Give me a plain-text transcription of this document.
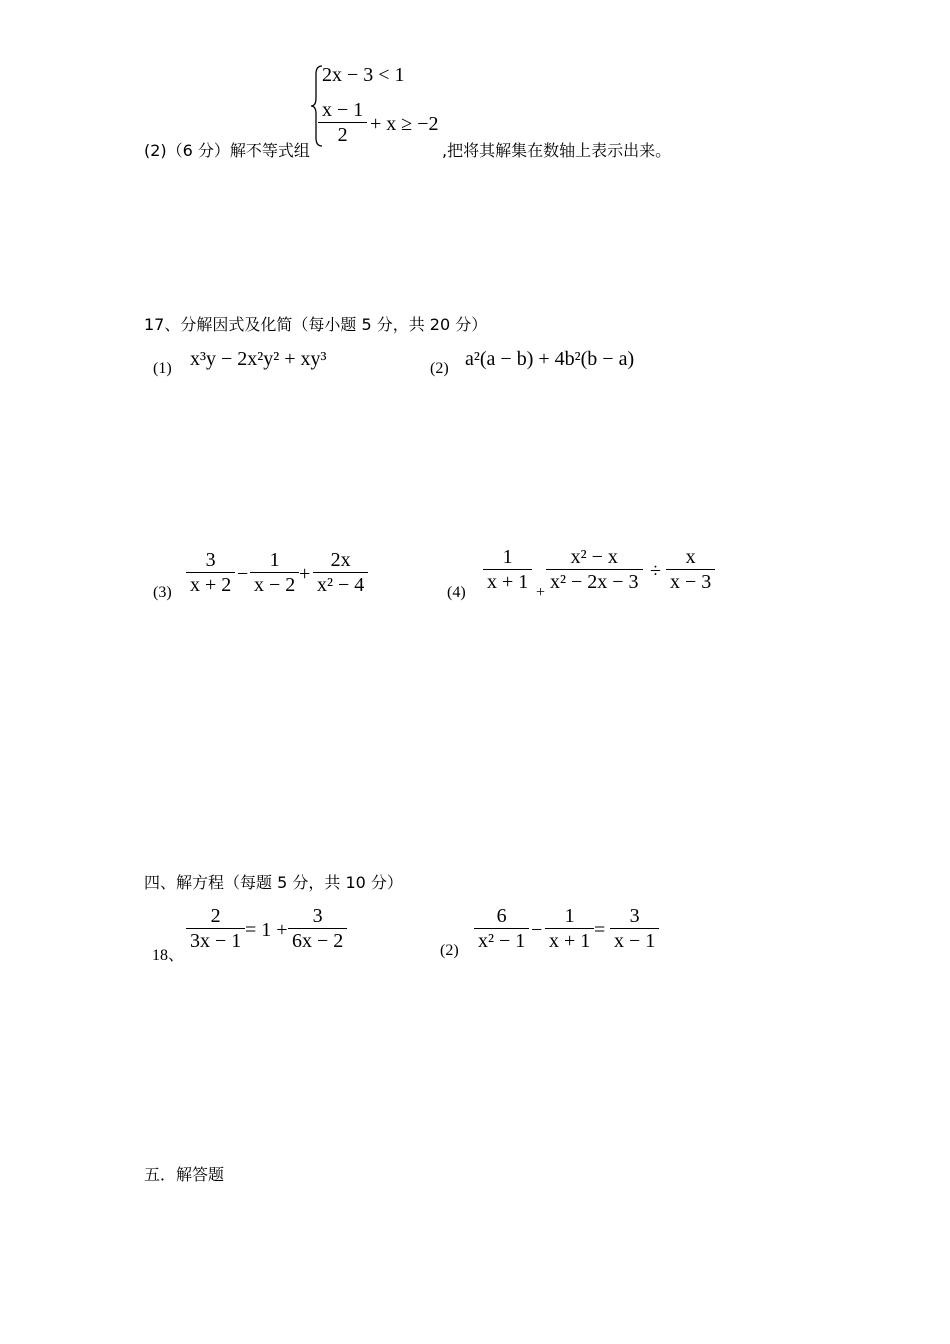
(2)（6 分）解不等式组
2x − 3 < 1
x − 1
2 + x ≥ −2
,把将其解集在数轴上表示出来。
17、分解因式及化简（每小题 5 分，共 20 分）
(1) x³y − 2x²y² + xy³	(2) a²(a − b) + 4b²(b − a)
(3)
3
x + 2 −
1
x − 2 +
2x
x² − 4	(4)
1
x + 1 +
x² − x
x² − 2x − 3 ÷
x
x − 3
四、解方程（每题 5 分，共 10 分）
18、
2
3x − 1 = 1 +
3
6x − 2	(2)
6
x² − 1 −
1
x + 1 =
3
x − 1
五．解答题
